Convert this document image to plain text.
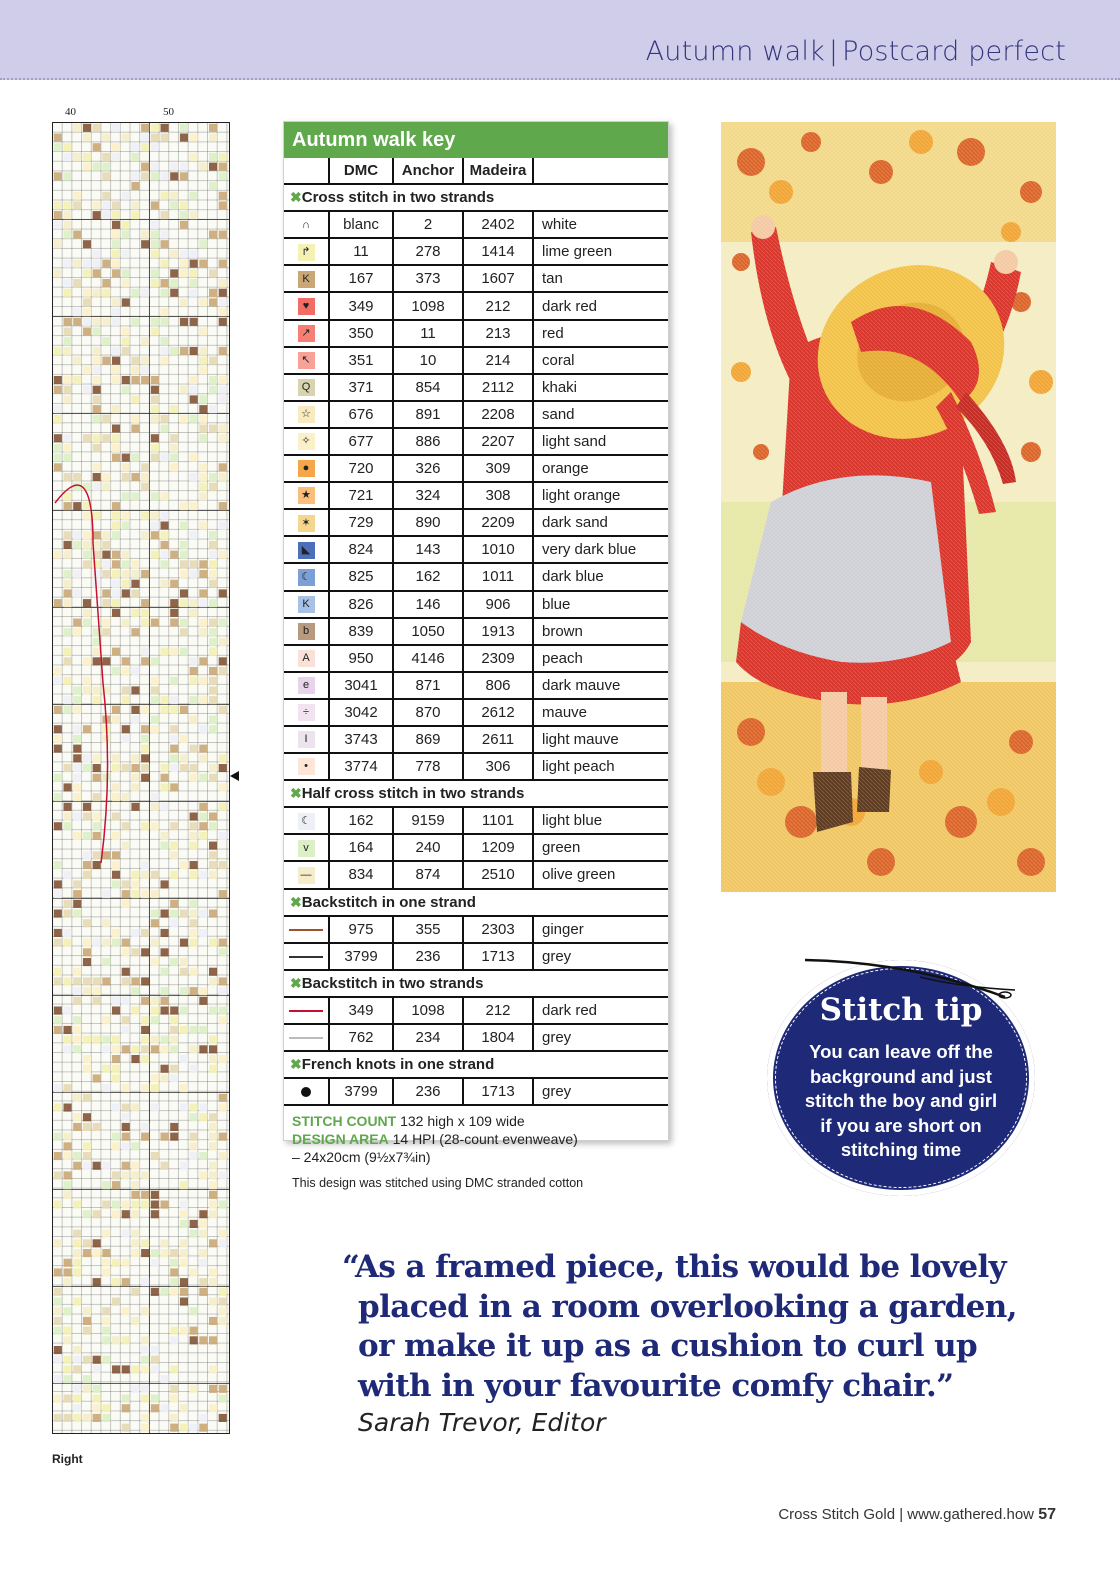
Autumn walk | Postcard perfect
40	50
Right
Autumn walk key
	DMC	Anchor	Madeira	
✖Cross stitch in two strands				
∩	blanc	2	2402	white
↱	11	278	1414	lime green
K	167	373	1607	tan
♥	349	1098	212	dark red
↗	350	11	213	red
↖	351	10	214	coral
Q	371	854	2112	khaki
☆	676	891	2208	sand
✧	677	886	2207	light sand
●	720	326	309	orange
★	721	324	308	light orange
✶	729	890	2209	dark sand
◣	824	143	1010	very dark blue
☾	825	162	1011	dark blue
K	826	146	906	blue
b	839	1050	1913	brown
A	950	4146	2309	peach
e	3041	871	806	dark mauve
÷	3042	870	2612	mauve
I	3743	869	2611	light mauve
•	3774	778	306	light peach
✖Half cross stitch in two strands				
☾	162	9159	1101	light blue
v	164	240	1209	green
—	834	874	2510	olive green
✖Backstitch in one strand				
	975	355	2303	ginger
	3799	236	1713	grey
✖Backstitch in two strands				
	349	1098	212	dark red
	762	234	1804	grey
✖French knots in one strand				
	3799	236	1713	grey
STITCH COUNT 132 high x 109 wide
DESIGN AREA 14 HPI (28-count evenweave)
– 24x20cm (9½x7¾in)
This design was stitched using DMC stranded cotton
Stitch tip
You can leave off the
background and just
stitch the boy and girl
if you are short on
stitching time
“As a framed piece, this would be lovely
placed in a room overlooking a garden,
or make it up as a cushion to curl up
with in your favourite comfy chair.”
Sarah Trevor, Editor
Cross Stitch Gold | www.gathered.how 57
